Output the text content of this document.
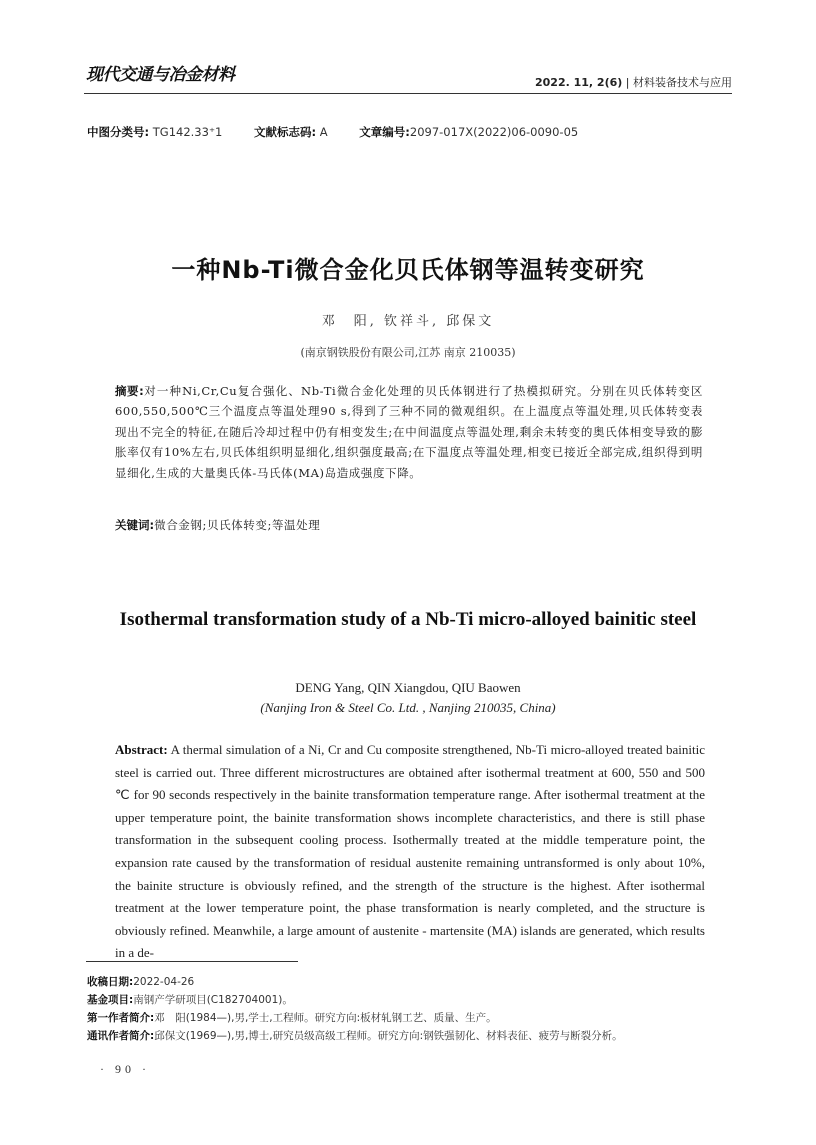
现代交通与冶金材料	2022. 11, 2(6) | 材料装备技术与应用
中图分类号: TG142.33⁺1	文献标志码: A	文章编号:2097-017X(2022)06-0090-05
一种Nb-Ti微合金化贝氏体钢等温转变研究
邓　阳, 钦祥斗, 邱保文
(南京钢铁股份有限公司,江苏 南京 210035)
摘要:对一种Ni,Cr,Cu复合强化、Nb-Ti微合金化处理的贝氏体钢进行了热模拟研究。分别在贝氏体转变区600,550,500℃三个温度点等温处理90 s,得到了三种不同的微观组织。在上温度点等温处理,贝氏体转变表现出不完全的特征,在随后冷却过程中仍有相变发生;在中间温度点等温处理,剩余未转变的奥氏体相变导致的膨胀率仅有10%左右,贝氏体组织明显细化,组织强度最高;在下温度点等温处理,相变已接近全部完成,组织得到明显细化,生成的大量奥氏体-马氏体(MA)岛造成强度下降。
关键词:微合金钢;贝氏体转变;等温处理
Isothermal transformation study of a Nb-Ti micro-alloyed bainitic steel
DENG Yang, QIN Xiangdou, QIU Baowen
(Nanjing Iron & Steel Co. Ltd. , Nanjing 210035, China)
Abstract: A thermal simulation of a Ni, Cr and Cu composite strengthened, Nb-Ti micro-alloyed treated bainitic steel is carried out. Three different microstructures are obtained after isothermal treatment at 600, 550 and 500 ℃ for 90 seconds respectively in the bainite transformation temperature range. After isothermal treatment at the upper temperature point, the bainite transformation shows incomplete characteristics, and there is still phase transformation in the subsequent cooling process. Isothermally treated at the middle temperature point, the expansion rate caused by the transformation of residual austenite remaining untransformed is only about 10%, the bainite structure is obviously refined, and the strength of the structure is the highest. After isothermal treatment at the lower temperature point, the phase transformation is nearly completed, and the structure is obviously refined. Meanwhile, a large amount of austenite - martensite (MA) islands are generated, which results in a de-
收稿日期:2022-04-26
基金项目:南钢产学研项目(C182704001)。
第一作者简介:邓　阳(1984—),男,学士,工程师。研究方向:板材轧钢工艺、质量、生产。
通讯作者简介:邱保文(1969—),男,博士,研究员级高级工程师。研究方向:钢铁强韧化、材料表征、疲劳与断裂分析。
· 90 ·
